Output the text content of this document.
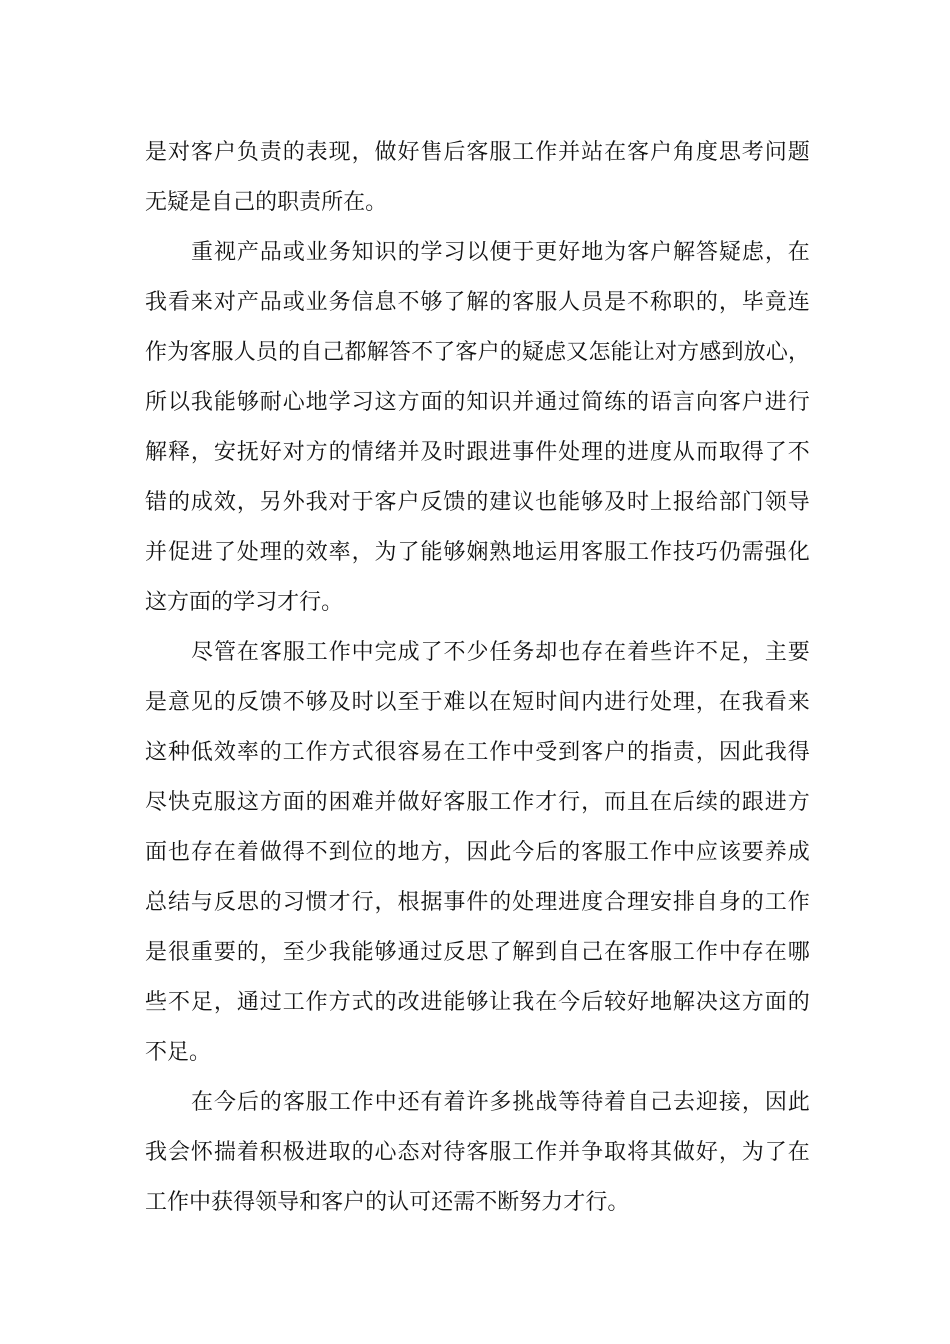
是 对 客 户 负 责 的 表 现 ， 做 好 售 后 客 服 工 作 并 站 在 客 户 角 度 思 考 问 题
无 疑 是 自 己 的 职 责 所 在 。
重 视 产 品 或 业 务 知 识 的 学 习 以 便 于 更 好 地 为 客 户 解 答 疑 虑 ， 在
我 看 来 对 产 品 或 业 务 信 息 不 够 了 解 的 客 服 人 员 是 不 称 职 的 ， 毕 竟 连
作 为 客 服 人 员 的 自 己 都 解 答 不 了 客 户 的 疑 虑 又 怎 能 让 对 方 感 到 放 心 ，
所 以 我 能 够 耐 心 地 学 习 这 方 面 的 知 识 并 通 过 简 练 的 语 言 向 客 户 进 行
解 释 ， 安 抚 好 对 方 的 情 绪 并 及 时 跟 进 事 件 处 理 的 进 度 从 而 取 得 了 不
错 的 成 效 ， 另 外 我 对 于 客 户 反 馈 的 建 议 也 能 够 及 时 上 报 给 部 门 领 导
并 促 进 了 处 理 的 效 率 ， 为 了 能 够 娴 熟 地 运 用 客 服 工 作 技 巧 仍 需 强 化
这 方 面 的 学 习 才 行 。
尽 管 在 客 服 工 作 中 完 成 了 不 少 任 务 却 也 存 在 着 些 许 不 足 ， 主 要
是 意 见 的 反 馈 不 够 及 时 以 至 于 难 以 在 短 时 间 内 进 行 处 理 ， 在 我 看 来
这 种 低 效 率 的 工 作 方 式 很 容 易 在 工 作 中 受 到 客 户 的 指 责 ， 因 此 我 得
尽 快 克 服 这 方 面 的 困 难 并 做 好 客 服 工 作 才 行 ， 而 且 在 后 续 的 跟 进 方
面 也 存 在 着 做 得 不 到 位 的 地 方 ， 因 此 今 后 的 客 服 工 作 中 应 该 要 养 成
总 结 与 反 思 的 习 惯 才 行 ， 根 据 事 件 的 处 理 进 度 合 理 安 排 自 身 的 工 作
是 很 重 要 的 ， 至 少 我 能 够 通 过 反 思 了 解 到 自 己 在 客 服 工 作 中 存 在 哪
些 不 足 ， 通 过 工 作 方 式 的 改 进 能 够 让 我 在 今 后 较 好 地 解 决 这 方 面 的
不 足 。
在 今 后 的 客 服 工 作 中 还 有 着 许 多 挑 战 等 待 着 自 己 去 迎 接 ， 因 此
我 会 怀 揣 着 积 极 进 取 的 心 态 对 待 客 服 工 作 并 争 取 将 其 做 好 ， 为 了 在
工 作 中 获 得 领 导 和 客 户 的 认 可 还 需 不 断 努 力 才 行 。
